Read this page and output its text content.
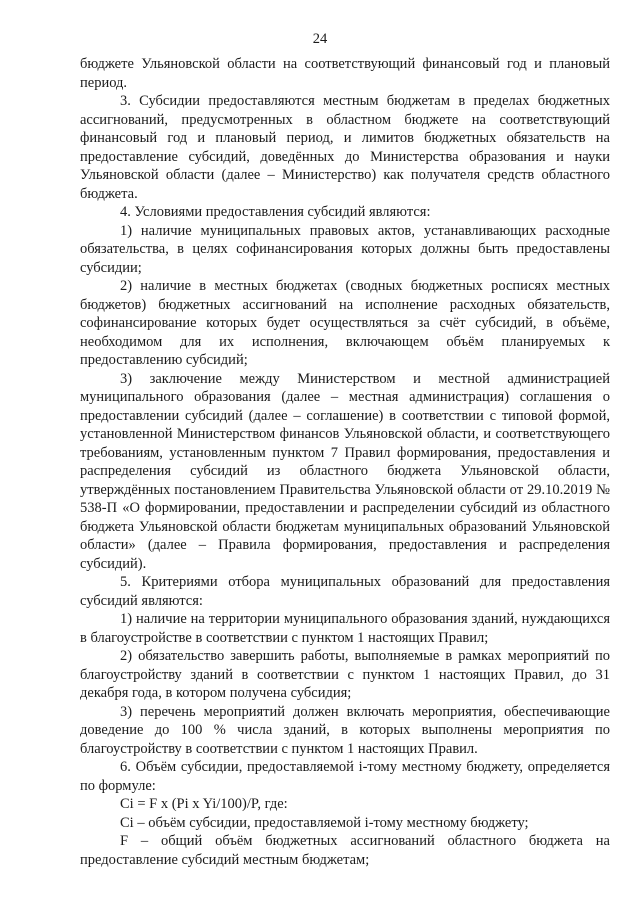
24

бюджете Ульяновской области на соответствующий финансовый год и плановый период.

3. Субсидии предоставляются местным бюджетам в пределах бюджетных ассигнований, предусмотренных в областном бюджете на соответствующий финансовый год и плановый период, и лимитов бюджетных обязательств на предоставление субсидий, доведённых до Министерства образования и науки Ульяновской области (далее – Министерство) как получателя средств областного бюджета.

4. Условиями предоставления субсидий являются:

1) наличие муниципальных правовых актов, устанавливающих расходные обязательства, в целях софинансирования которых должны быть предоставлены субсидии;

2) наличие в местных бюджетах (сводных бюджетных росписях местных бюджетов) бюджетных ассигнований на исполнение расходных обязательств, софинансирование которых будет осуществляться за счёт субсидий, в объёме, необходимом для их исполнения, включающем объём планируемых к предоставлению субсидий;

3) заключение между Министерством и местной администрацией муниципального образования (далее – местная администрация) соглашения о предоставлении субсидий (далее – соглашение) в соответствии с типовой формой, установленной Министерством финансов Ульяновской области, и соответствующего требованиям, установленным пунктом 7 Правил формирования, предоставления и распределения субсидий из областного бюджета Ульяновской области, утверждённых постановлением Правительства Ульяновской области от 29.10.2019 № 538-П «О формировании, предоставлении и распределении субсидий из областного бюджета Ульяновской области бюджетам муниципальных образований Ульяновской области» (далее – Правила формирования, предоставления и распределения субсидий).

5. Критериями отбора муниципальных образований для предоставления субсидий являются:

1) наличие на территории муниципального образования зданий, нуждающихся в благоустройстве в соответствии с пунктом 1 настоящих Правил;

2) обязательство завершить работы, выполняемые в рамках мероприятий по благоустройству зданий в соответствии с пунктом 1 настоящих Правил, до 31 декабря года, в котором получена субсидия;

3) перечень мероприятий должен включать мероприятия, обеспечивающие доведение до 100 % числа зданий, в которых выполнены мероприятия по благоустройству в соответствии с пунктом 1 настоящих Правил.

6. Объём субсидии, предоставляемой i-тому местному бюджету, определяется по формуле:

Ci = F x (Pi x Yi/100)/P, где:

Ci – объём субсидии, предоставляемой i-тому местному бюджету;

F – общий объём бюджетных ассигнований областного бюджета на предоставление субсидий местным бюджетам;
